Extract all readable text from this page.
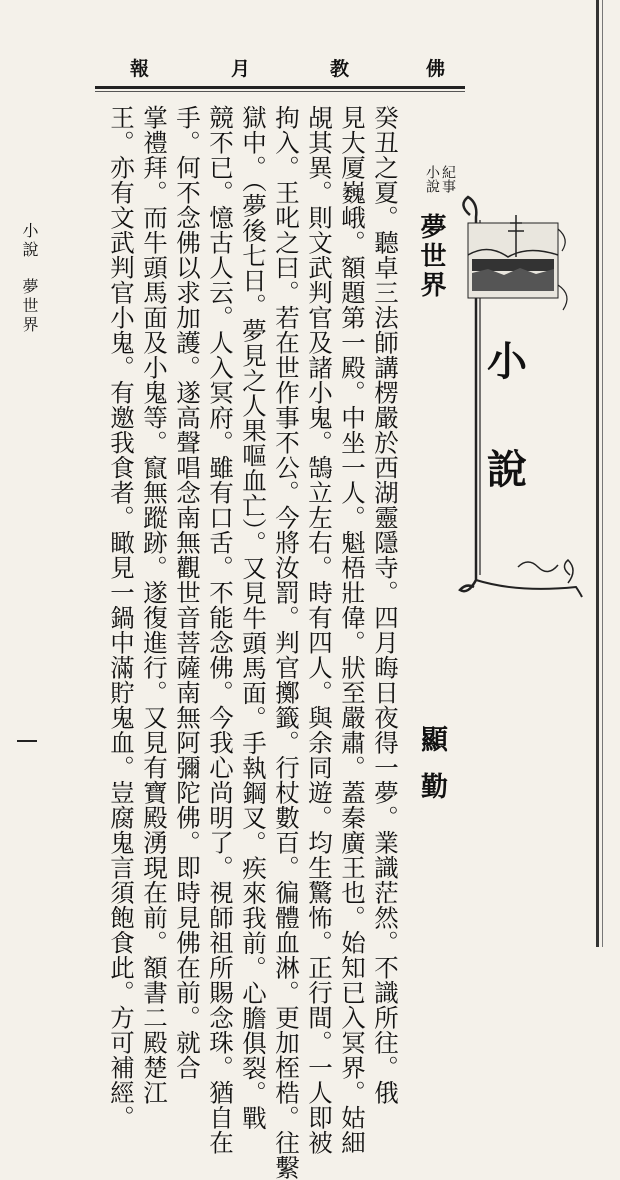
佛
教
月
報
小
說
紀事
小說
夢世界
顯勤
癸丑之夏。聽卓三法師講楞嚴於西湖靈隱寺。四月晦日夜得一夢。業識茫然。不識所往。俄
見大厦巍峨。額題第一殿。中坐一人。魁梧壯偉。狀至嚴肅。蓋秦廣王也。始知已入冥界。姑細
覘其異。則文武判官及諸小鬼。鵠立左右。時有四人。與余同遊。均生驚怖。正行間。一人即被
拘入。王叱之曰。若在世作事不公。今將汝罰。判官擲籤。行杖數百。徧體血淋。更加桎梏。往繫
獄中。（夢後七日。夢見之人果嘔血亡）。又見牛頭馬面。手執鋼叉。疾來我前。心膽俱裂。戰
競不已。憶古人云。人入冥府。雖有口舌。不能念佛。今我心尚明了。視師祖所賜念珠。猶自在
手。何不念佛以求加護。遂高聲唱念南無觀世音菩薩南無阿彌陀佛。即時見佛在前。就合
掌禮拜。而牛頭馬面及小鬼等。竄無蹤跡。遂復進行。又見有寶殿湧現在前。額書二殿楚江
王。亦有文武判官小鬼。有邀我食者。瞰見一鍋中滿貯鬼血。豈腐鬼言須飽食此。方可補經。
小說
夢世界
